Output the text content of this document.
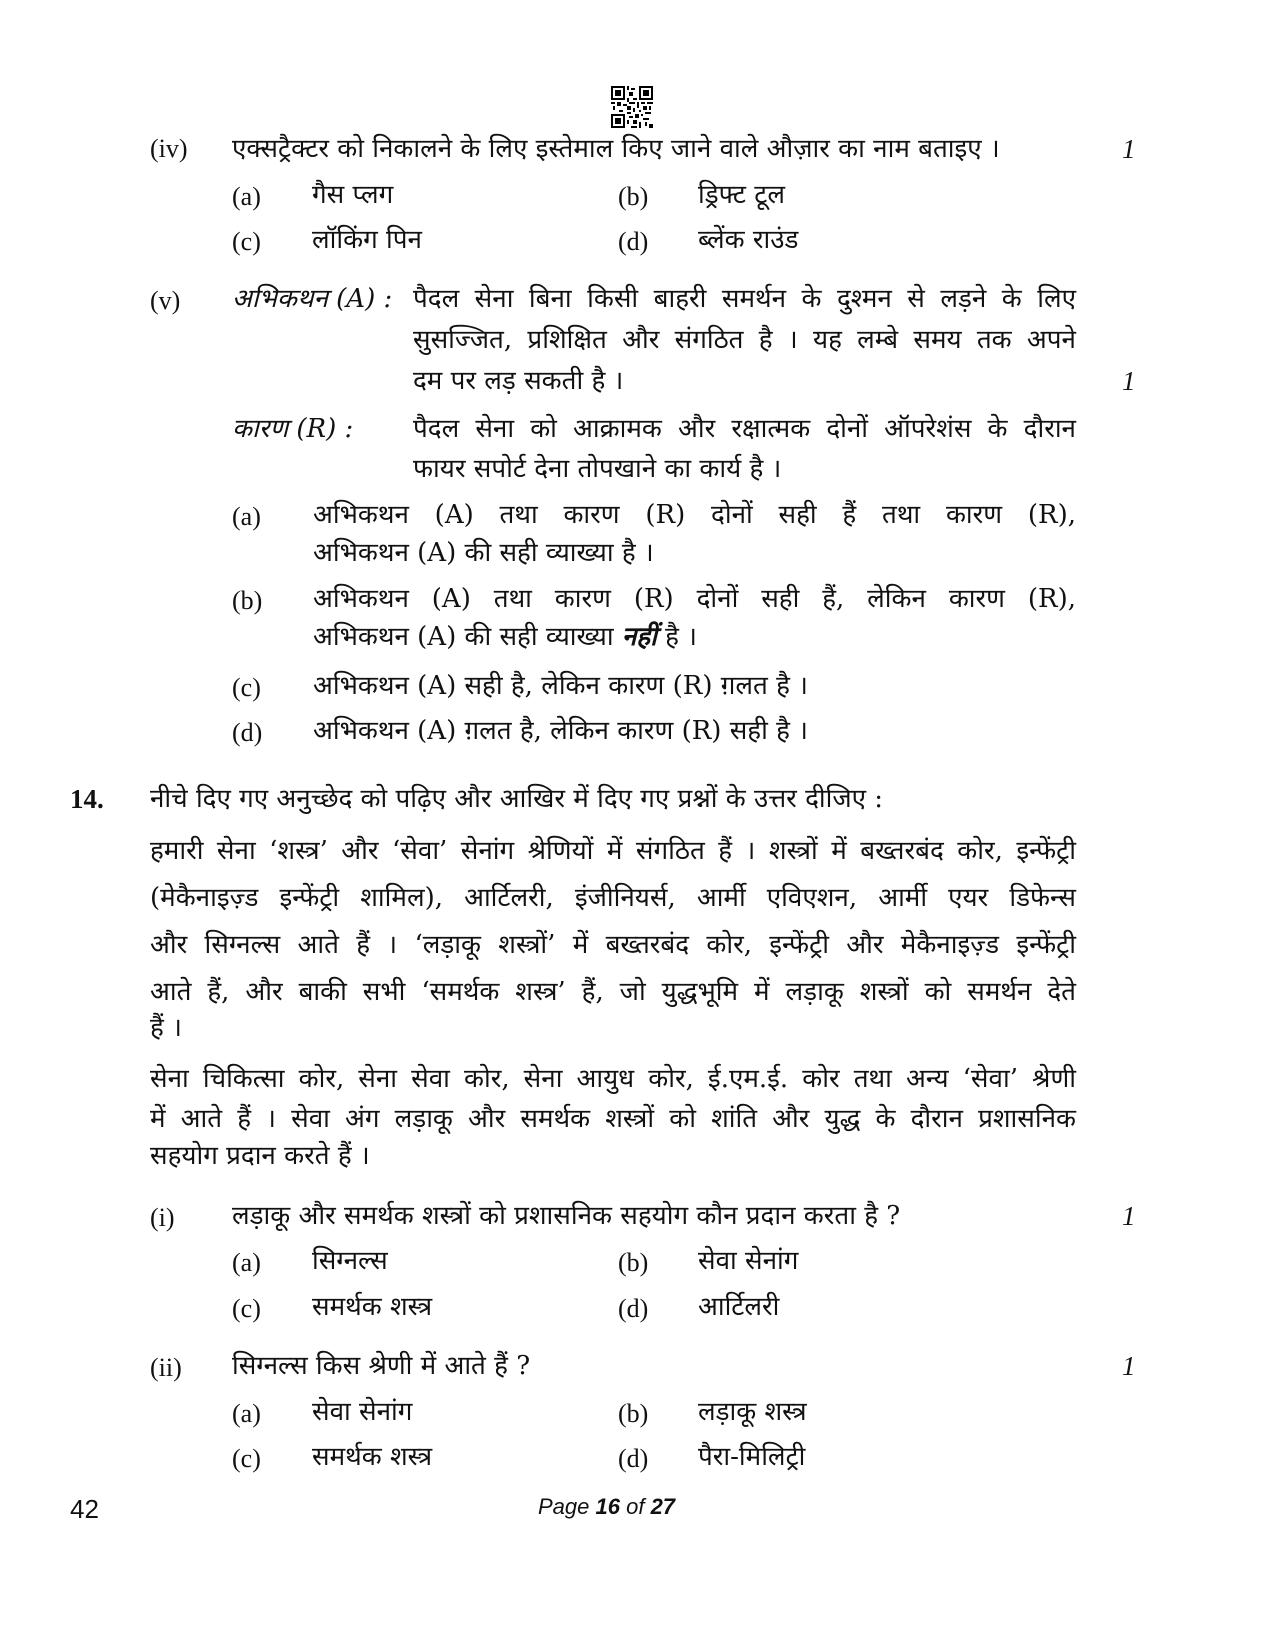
(iv) एक्सट्रैक्टर को निकालने के लिए इस्तेमाल किए जाने वाले औज़ार का नाम बताइए ।	1
(a) गैस प्लग	(b) ड्रिफ्ट टूल
(c) लॉकिंग पिन	(d) ब्लेंक राउंड
(v) अभिकथन (A) : पैदल सेना बिना किसी बाहरी समर्थन के दुश्मन से लड़ने के लिए
सुसज्जित, प्रशिक्षित और संगठित है । यह लम्बे समय तक अपने
दम पर लड़ सकती है ।	1
कारण (R) : पैदल सेना को आक्रामक और रक्षात्मक दोनों ऑपरेशंस के दौरान
फायर सपोर्ट देना तोपखाने का कार्य है ।
(a) अभिकथन (A) तथा कारण (R) दोनों सही हैं तथा कारण (R),
अभिकथन (A) की सही व्याख्या है ।
(b) अभिकथन (A) तथा कारण (R) दोनों सही हैं, लेकिन कारण (R),
अभिकथन (A) की सही व्याख्या नहीं है ।
(c) अभिकथन (A) सही है, लेकिन कारण (R) ग़लत है ।
(d) अभिकथन (A) ग़लत है, लेकिन कारण (R) सही है ।
14. नीचे दिए गए अनुच्छेद को पढ़िए और आखिर में दिए गए प्रश्नों के उत्तर दीजिए :
हमारी सेना ‘शस्त्र’ और ‘सेवा’ सेनांग श्रेणियों में संगठित हैं । शस्त्रों में बख्तरबंद कोर, इन्फेंट्री
(मेकैनाइज़्ड इन्फेंट्री शामिल), आर्टिलरी, इंजीनियर्स, आर्मी एविएशन, आर्मी एयर डिफेन्स
और सिग्नल्स आते हैं । ‘लड़ाकू शस्त्रों’ में बख्तरबंद कोर, इन्फेंट्री और मेकैनाइज़्ड इन्फेंट्री
आते हैं, और बाकी सभी ‘समर्थक शस्त्र’ हैं, जो युद्धभूमि में लड़ाकू शस्त्रों को समर्थन देते
हैं ।
सेना चिकित्सा कोर, सेना सेवा कोर, सेना आयुध कोर, ई.एम.ई. कोर तथा अन्य ‘सेवा’ श्रेणी
में आते हैं । सेवा अंग लड़ाकू और समर्थक शस्त्रों को शांति और युद्ध के दौरान प्रशासनिक
सहयोग प्रदान करते हैं ।
(i) लड़ाकू और समर्थक शस्त्रों को प्रशासनिक सहयोग कौन प्रदान करता है ?	1
(a) सिग्नल्स	(b) सेवा सेनांग
(c) समर्थक शस्त्र	(d) आर्टिलरी
(ii) सिग्नल्स किस श्रेणी में आते हैं ?	1
(a) सेवा सेनांग	(b) लड़ाकू शस्त्र
(c) समर्थक शस्त्र	(d) पैरा-मिलिट्री
42	Page 16 of 27
